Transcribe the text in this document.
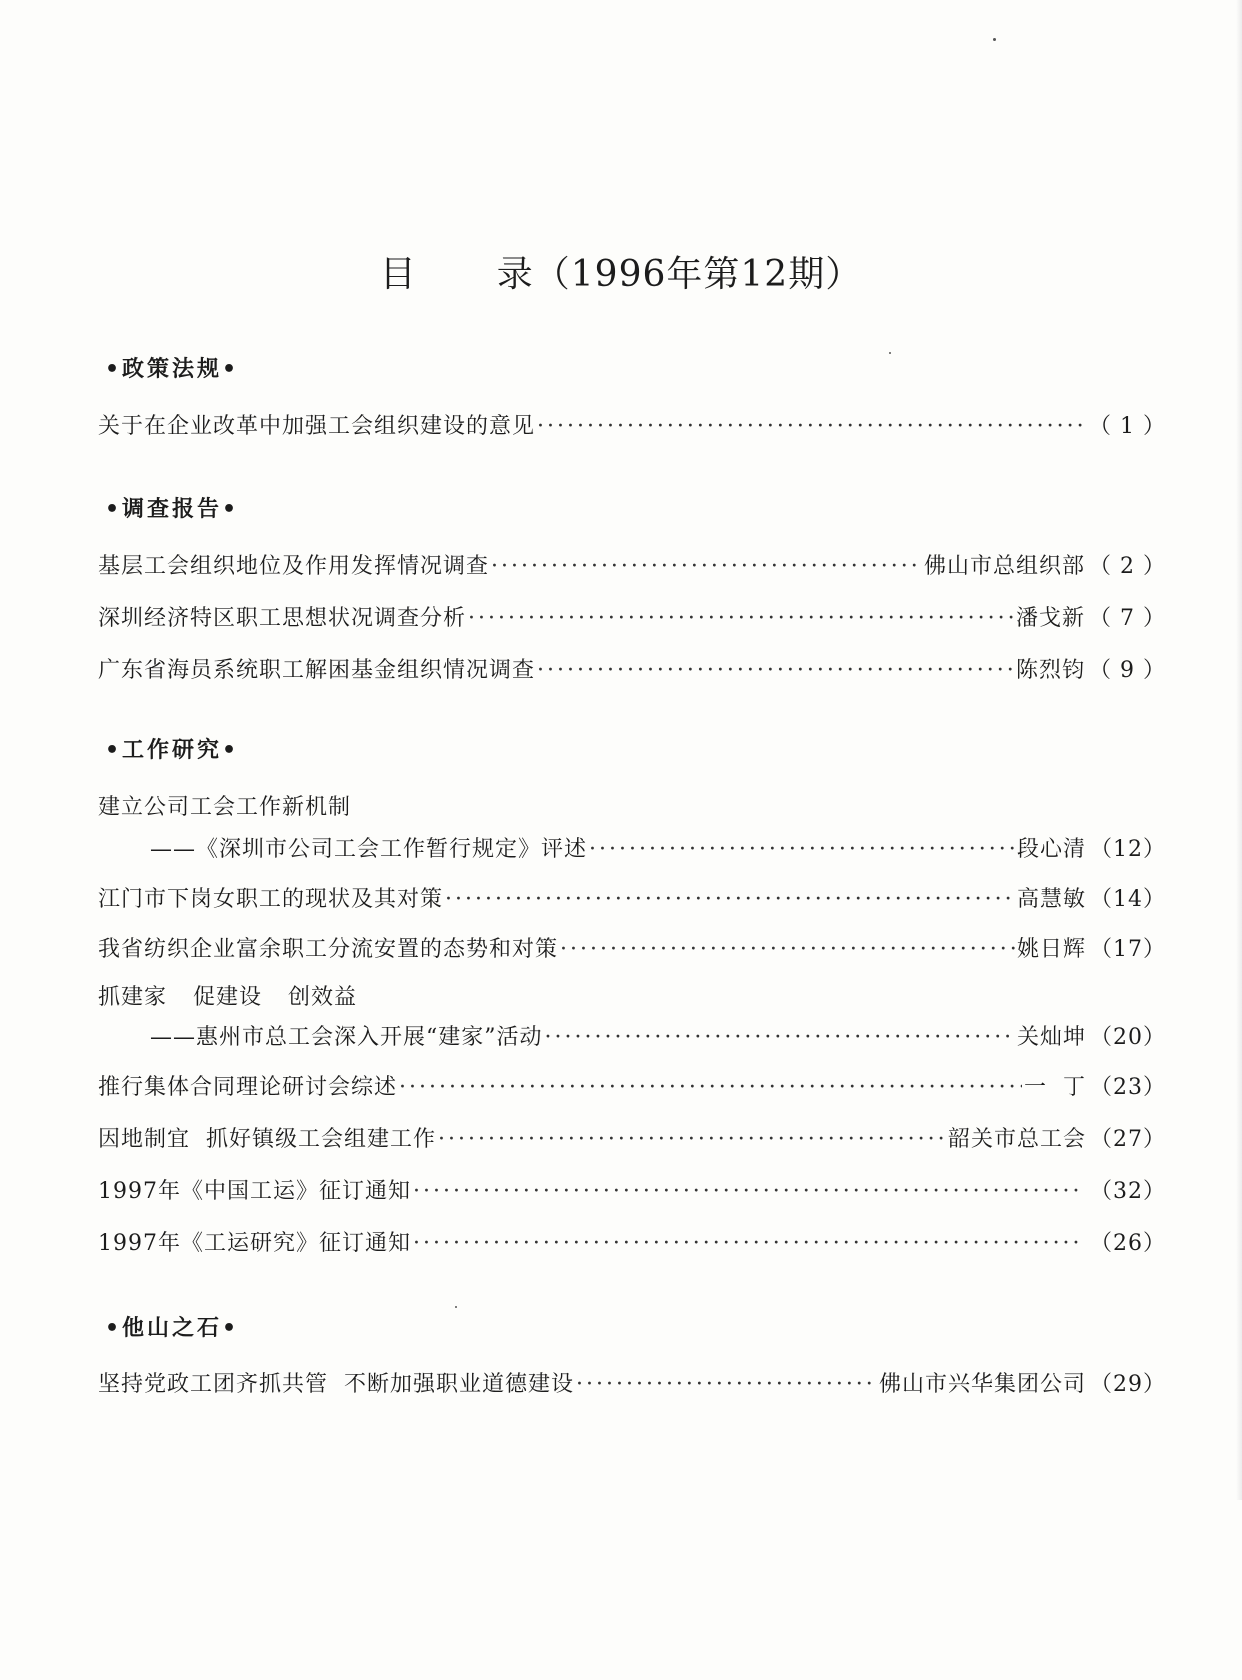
目 录（1996年第12期）
•政策法规•
关于在企业改革中加强工会组织建设的意见 ·····	（ 1 ）
•调查报告•
基层工会组织地位及作用发挥情况调查 ·····	佛山市总组织部 （ 2 ）
深圳经济特区职工思想状况调查分析 ·····	潘戈新 （ 7 ）
广东省海员系统职工解困基金组织情况调查 ·····	陈烈钧 （ 9 ）
•工作研究•
建立公司工会工作新机制
——《深圳市公司工会工作暂行规定》评述 ·····	段心清 （12）
江门市下岗女职工的现状及其对策 ·····	高慧敏 （14）
我省纺织企业富余职工分流安置的态势和对策 ·····	姚日辉 （17）
抓建家 促建设 创效益
——惠州市总工会深入开展“建家”活动 ·····	关灿坤 （20）
推行集体合同理论研讨会综述 ·····	一  丁 （23）
因地制宜  抓好镇级工会组建工作 ·····	韶关市总工会 （27）
1997年《中国工运》征订通知 ·····	（32）
1997年《工运研究》征订通知 ·····	（26）
•他山之石•
坚持党政工团齐抓共管  不断加强职业道德建设 ·····	佛山市兴华集团公司 （29）
